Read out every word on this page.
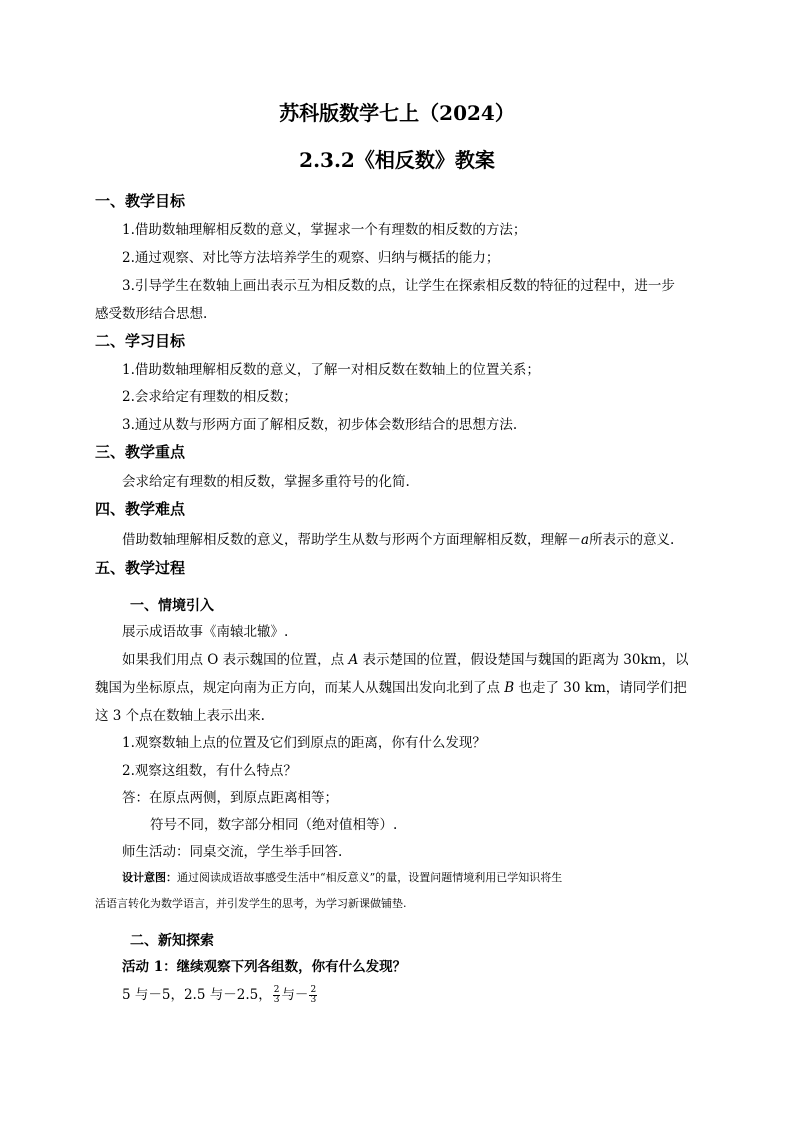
苏科版数学七上（2024）
2.3.2《相反数》教案
一、教学目标
1.借助数轴理解相反数的意义，掌握求一个有理数的相反数的方法；
2.通过观察、对比等方法培养学生的观察、归纳与概括的能力；
3.引导学生在数轴上画出表示互为相反数的点，让学生在探索相反数的特征的过程中，进一步
感受数形结合思想.
二、学习目标
1.借助数轴理解相反数的意义，了解一对相反数在数轴上的位置关系；
2.会求给定有理数的相反数；
3.通过从数与形两方面了解相反数，初步体会数形结合的思想方法.
三、教学重点
会求给定有理数的相反数，掌握多重符号的化简.
四、教学难点
借助数轴理解相反数的意义，帮助学生从数与形两个方面理解相反数，理解－a所表示的意义.
五、教学过程
一、情境引入
展示成语故事《南辕北辙》.
如果我们用点 O 表示魏国的位置，点 A 表示楚国的位置，假设楚国与魏国的距离为 30km，以
魏国为坐标原点，规定向南为正方向，而某人从魏国出发向北到了点 B 也走了 30 km，请同学们把
这 3 个点在数轴上表示出来.
1.观察数轴上点的位置及它们到原点的距离，你有什么发现？
2.观察这组数，有什么特点？
答：在原点两侧，到原点距离相等；
符号不同，数字部分相同（绝对值相等）.
师生活动：同桌交流，学生举手回答.
设计意图：通过阅读成语故事感受生活中“相反意义”的量，设置问题情境利用已学知识将生
活语言转化为数学语言，并引发学生的思考，为学习新课做铺垫.
二、新知探索
活动 1：继续观察下列各组数，你有什么发现？
5 与－5，2.5 与－2.5， $\frac{2}{3}$ 与－ $\frac{2}{3}$
